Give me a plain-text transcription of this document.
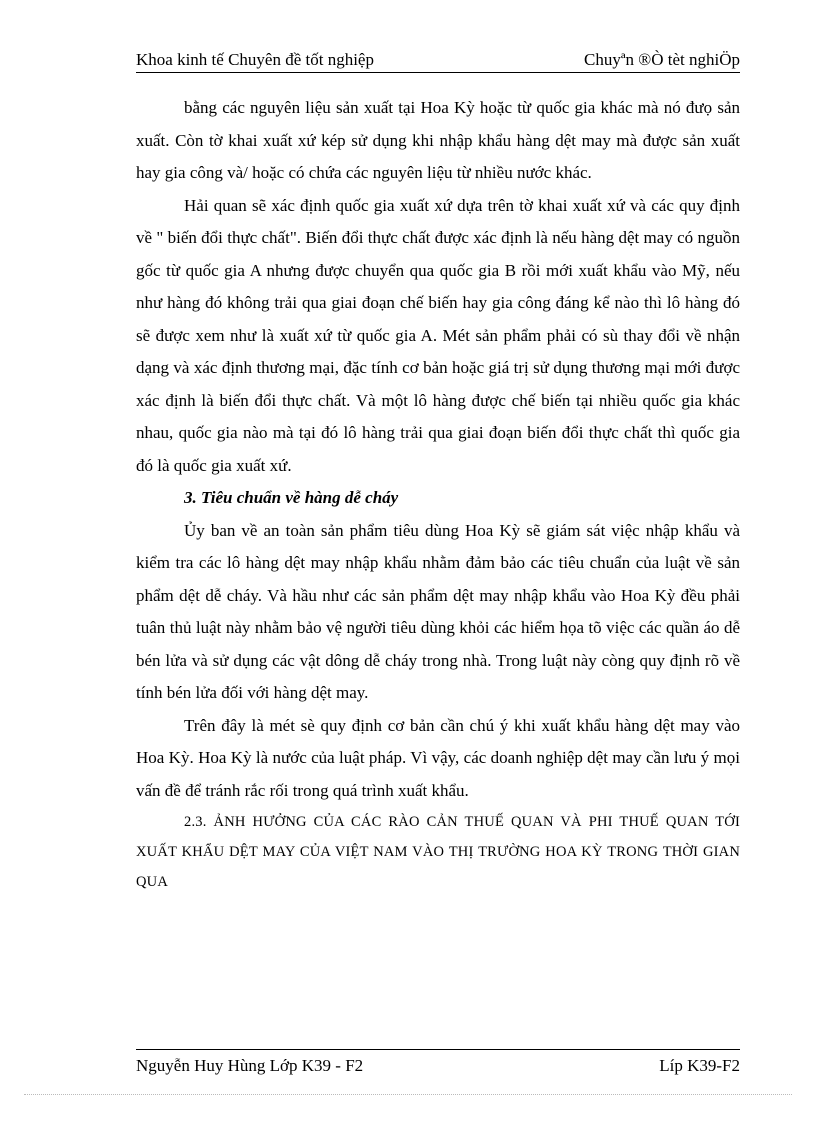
Khoa kinh tế Chuyên đề tốt nghiệp	Chuyªn ®Ò tèt nghiÖp

bằng các nguyên liệu sản xuất tại Hoa Kỳ hoặc từ quốc gia khác mà nó đưọ sản xuất. Còn tờ khai xuất xứ kép sử dụng khi nhập khẩu hàng dệt may mà được sản xuất hay gia công và/ hoặc có chứa các nguyên liệu từ nhiều nước khác.

Hải quan sẽ xác định quốc gia xuất xứ dựa trên tờ khai xuất xứ và các quy định về " biến đổi thực chất". Biến đổi thực chất được xác định là nếu hàng dệt may có nguồn gốc từ quốc gia A nhưng được chuyển qua quốc gia B rồi mới xuất khẩu vào Mỹ, nếu như hàng đó không trải qua giai đoạn chế biến hay gia công đáng kể nào thì lô hàng đó sẽ được xem như là xuất xứ từ quốc gia A. Mét sản phẩm phải có sù thay đổi về nhận dạng và xác định thương mại, đặc tính cơ bản hoặc giá trị sử dụng thương mại mới được xác định là biến đổi thực chất. Và một lô hàng được chế biến tại nhiều quốc gia khác nhau, quốc gia nào mà tại đó lô hàng trải qua giai đoạn biến đổi thực chất thì quốc gia đó là quốc gia xuất xứ.

3. Tiêu chuẩn về hàng dễ cháy

Ủy ban về an toàn sản phẩm tiêu dùng Hoa Kỳ sẽ giám sát việc nhập khẩu và kiểm tra các lô hàng dệt may nhập khẩu nhằm đảm bảo các tiêu chuẩn của luật về sản phẩm dệt dễ cháy. Và hầu như các sản phẩm dệt may nhập khẩu vào Hoa Kỳ đều phải tuân thủ luật này nhằm bảo vệ người tiêu dùng khỏi các hiểm họa tõ việc các quần áo dễ bén lửa và sử dụng các vật dông dễ cháy trong nhà. Trong luật này còng quy định rõ về tính bén lửa đối với hàng dệt may.

Trên đây là mét sè quy định cơ bản cần chú ý khi xuất khẩu hàng dệt may vào Hoa Kỳ. Hoa Kỳ là nước của luật pháp. Vì vậy, các doanh nghiệp dệt may cần lưu ý mọi vấn đề để tránh rắc rối trong quá trình xuất khẩu.

2.3. ẢNH HƯỞNG CỦA CÁC RÀO CẢN THUẾ QUAN VÀ PHI THUẾ QUAN TỚI XUẤT KHẨU DỆT MAY CỦA VIỆT NAM VÀO THỊ TRƯỜNG HOA KỲ TRONG THỜI GIAN QUA

Nguyễn Huy Hùng Lớp K39 - F2	Líp K39-F2
